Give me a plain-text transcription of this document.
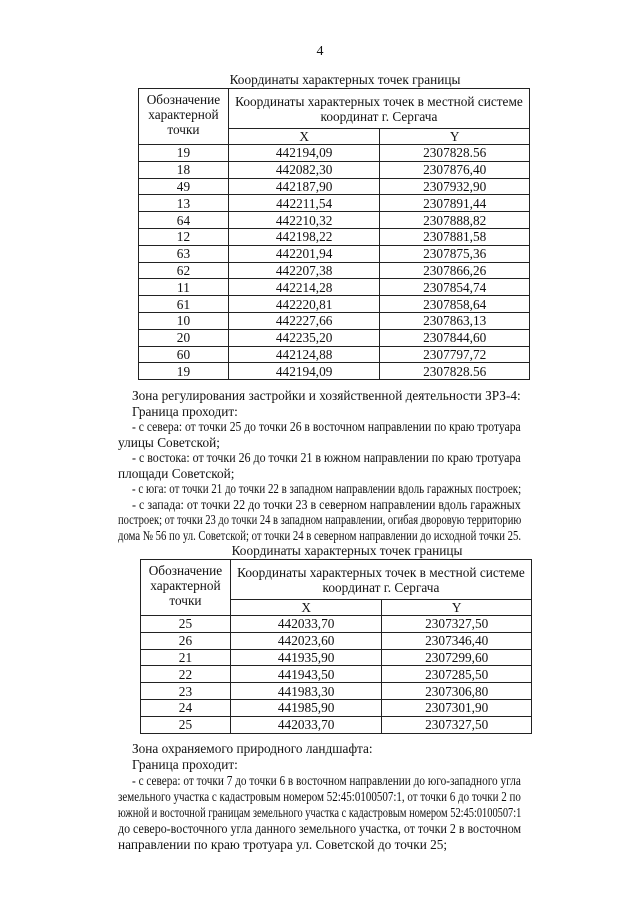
4
Координаты характерных точек границы
Обозначение характерной точки	Координаты характерных точек в местной системе координат г. Сергача	
	X	Y
19	442194,09	2307828.56
18	442082,30	2307876,40
49	442187,90	2307932,90
13	442211,54	2307891,44
64	442210,32	2307888,82
12	442198,22	2307881,58
63	442201,94	2307875,36
62	442207,38	2307866,26
11	442214,28	2307854,74
61	442220,81	2307858,64
10	442227,66	2307863,13
20	442235,20	2307844,60
60	442124,88	2307797,72
19	442194,09	2307828.56
Зона регулирования застройки и хозяйственной деятельности ЗРЗ-4:
Граница проходит:
- с севера: от точки 25 до точки 26 в восточном направлении по краю тротуара
улицы Советской;
- с востока: от точки 26 до точки 21 в южном направлении по краю тротуара
площади Советской;
- с юга: от точки 21 до точки 22 в западном направлении вдоль гаражных построек;
- с запада: от точки 22 до точки 23 в северном направлении вдоль гаражных
построек; от точки 23 до точки 24 в западном направлении, огибая дворовую территорию
дома № 56 по ул. Советской; от точки 24 в северном направлении до исходной точки 25.
Координаты характерных точек границы
Обозначение характерной точки	Координаты характерных точек в местной системе координат г. Сергача	
	X	Y
25	442033,70	2307327,50
26	442023,60	2307346,40
21	441935,90	2307299,60
22	441943,50	2307285,50
23	441983,30	2307306,80
24	441985,90	2307301,90
25	442033,70	2307327,50
Зона охраняемого природного ландшафта:
Граница проходит:
- с севера: от точки 7 до точки 6 в восточном направлении до юго-западного угла
земельного участка с кадастровым номером 52:45:0100507:1, от точки 6 до точки 2 по
южной и восточной границам земельного участка с кадастровым номером 52:45:0100507:1
до северо-восточного угла данного земельного участка, от точки 2 в восточном
направлении по краю тротуара ул. Советской до точки 25;
